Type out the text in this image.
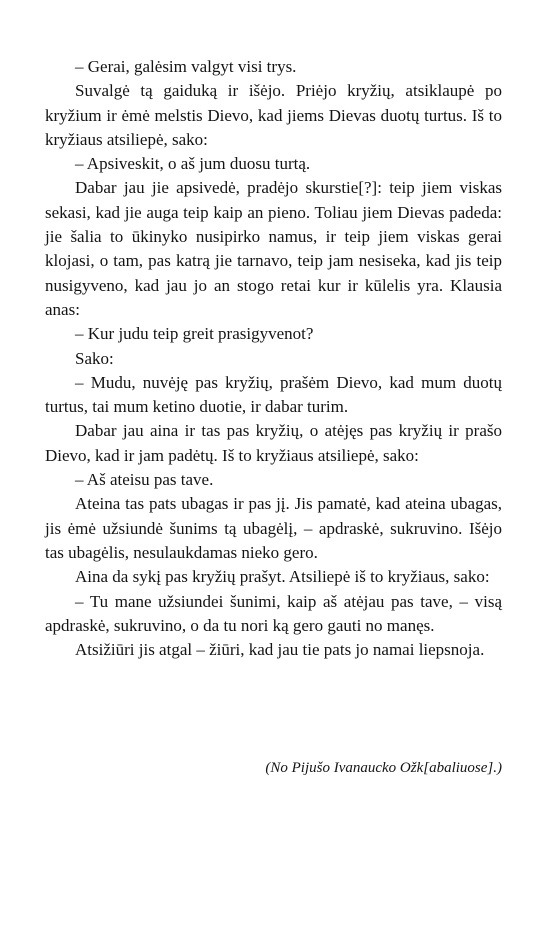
– Gerai, galėsim valgyt visi trys.

Suvalgė tą gaiduką ir išėjo. Priėjo kryžių, atsiklaupė po kryžium ir ėmė melstis Dievo, kad jiems Dievas duotų turtus. Iš to kryžiaus atsiliepė, sako:

– Apsiveskit, o aš jum duosu turtą.

Dabar jau jie apsivedė, pradėjo skurstie[?]: teip jiem viskas sekasi, kad jie auga teip kaip an pieno. Toliau jiem Dievas padeda: jie šalia to ūkinyko nusipirko namus, ir teip jiem viskas gerai klojasi, o tam, pas katrą jie tarnavo, teip jam nesiseka, kad jis teip nusigyveno, kad jau jo an stogo retai kur ir kūlelis yra. Klausia anas:

– Kur judu teip greit prasigyvenot?

Sako:

– Mudu, nuvėję pas kryžių, prašėm Dievo, kad mum duotų turtus, tai mum ketino duotie, ir dabar turim.

Dabar jau aina ir tas pas kryžių, o atėjęs pas kryžių ir prašo Dievo, kad ir jam padėtų. Iš to kryžiaus atsiliepė, sako:

– Aš ateisu pas tave.

Ateina tas pats ubagas ir pas jį. Jis pamatė, kad ateina ubagas, jis ėmė užsiundė šunims tą ubagėlį, – apdraskė, sukruvino. Išėjo tas ubagėlis, nesulaukdamas nieko gero.

Aina da sykį pas kryžių prašyt. Atsiliepė iš to kryžiaus, sako:

– Tu mane užsiundei šunimi, kaip aš atėjau pas tave, – visą apdraskė, sukruvino, o da tu nori ką gero gauti no manęs.

Atsižiūri jis atgal – žiūri, kad jau tie pats jo namai liepsnoja.

(No Pijušo Ivanaucko Ožk[abaliuose].)
